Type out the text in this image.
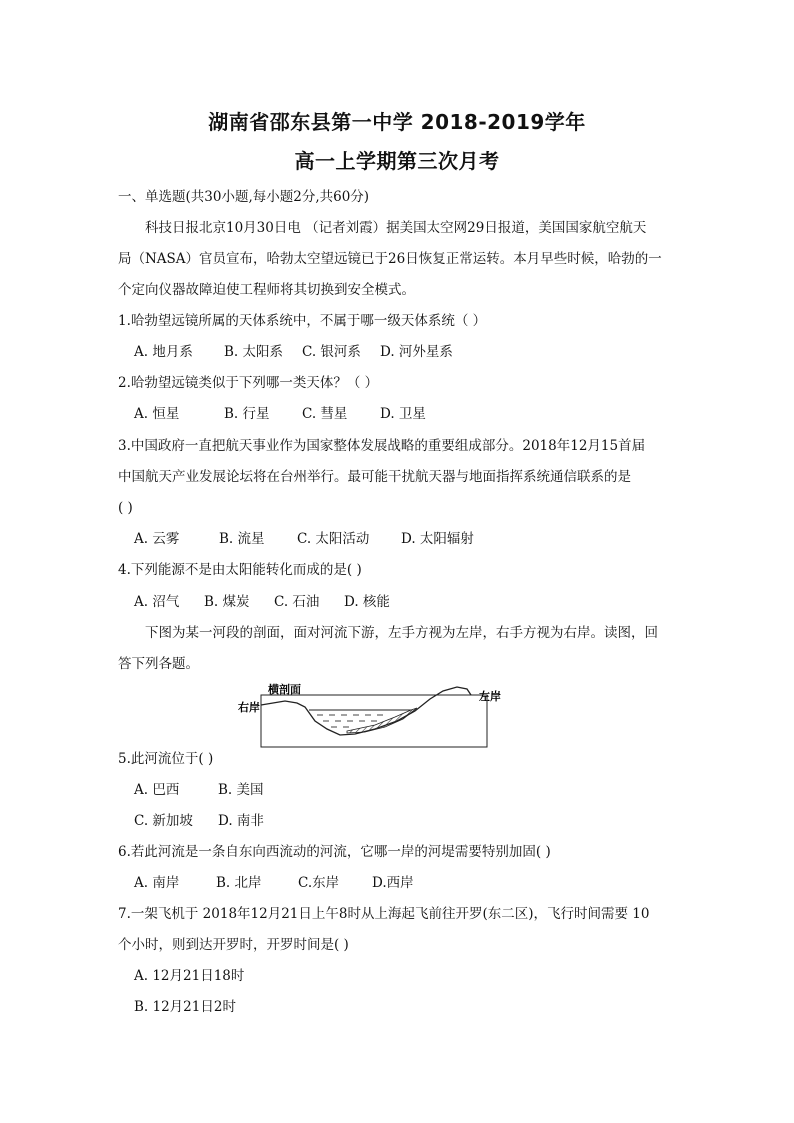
湖南省邵东县第一中学 2018-2019学年
高一上学期第三次月考
一、单选题(共30小题,每小题2分,共60分)
科技日报北京10月30日电 （记者刘霞）据美国太空网29日报道，美国国家航空航天
局（NASA）官员宣布，哈勃太空望远镜已于26日恢复正常运转。本月早些时候，哈勃的一
个定向仪器故障迫使工程师将其切换到安全模式。
1.哈勃望远镜所属的天体系统中，不属于哪一级天体系统（ ）
A. 地月系 B. 太阳系 C. 银河系 D. 河外星系
2.哈勃望远镜类似于下列哪一类天体？（ ）
A. 恒星	B. 行星 C. 彗星 D. 卫星
3.中国政府一直把航天事业作为国家整体发展战略的重要组成部分。2018年12月15首届
中国航天产业发展论坛将在台州举行。最可能干扰航天器与地面指挥系统通信联系的是
( )
A. 云雾	B. 流星 C. 太阳活动 D. 太阳辐射
4.下列能源不是由太阳能转化而成的是( )
A. 沼气 B. 煤炭 C. 石油 D. 核能
下图为某一河段的剖面，面对河流下游，左手方视为左岸，右手方视为右岸。读图，回
答下列各题。
横剖面
右岸
左岸
5.此河流位于( )
A. 巴西	B. 美国
C. 新加坡 D. 南非
6.若此河流是一条自东向西流动的河流，它哪一岸的河堤需要特别加固( )
A. 南岸	B. 北岸	C.东岸 D.西岸
7.一架飞机于 2018年12月21日上午8时从上海起飞前往开罗(东二区)，飞行时间需要 10
个小时，则到达开罗时，开罗时间是( )
A. 12月21日18时
B. 12月21日2时
